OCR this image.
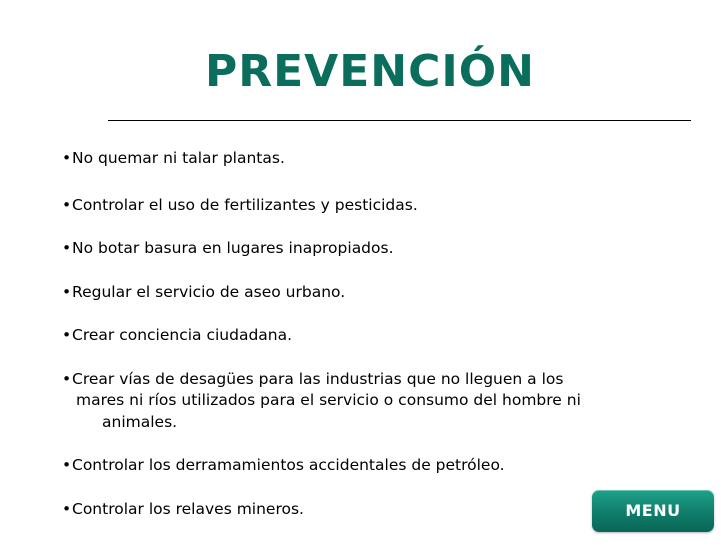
PREVENCIÓN
•No quemar ni talar plantas.
•Controlar el uso de fertilizantes y pesticidas.
•No botar basura en lugares inapropiados.
•Regular el servicio de aseo urbano.
•Crear conciencia ciudadana.
•Crear vías de desagües para las industrias que no lleguen a los
mares ni ríos utilizados para el servicio o consumo del hombre ni
animales.
•Controlar los derramamientos accidentales de petróleo.
•Controlar los relaves mineros.	MENU
